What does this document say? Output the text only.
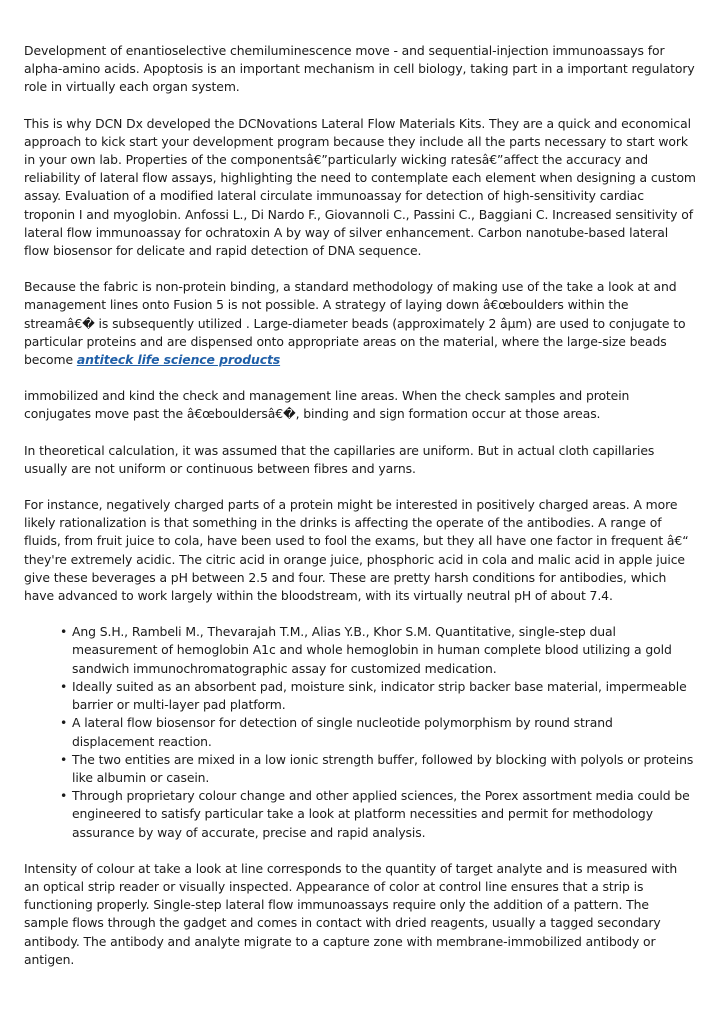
Development of enantioselective chemiluminescence move - and sequential-injection immunoassays for alpha-amino acids. Apoptosis is an important mechanism in cell biology, taking part in a important regulatory role in virtually each organ system.

This is why DCN Dx developed the DCNovations Lateral Flow Materials Kits. They are a quick and economical approach to kick start your development program because they include all the parts necessary to start work in your own lab. Properties of the componentsâ€”particularly wicking ratesâ€”affect the accuracy and reliability of lateral flow assays, highlighting the need to contemplate each element when designing a custom assay. Evaluation of a modified lateral circulate immunoassay for detection of high-sensitivity cardiac troponin I and myoglobin. Anfossi L., Di Nardo F., Giovannoli C., Passini C., Baggiani C. Increased sensitivity of lateral flow immunoassay for ochratoxin A by way of silver enhancement. Carbon nanotube-based lateral flow biosensor for delicate and rapid detection of DNA sequence.

Because the fabric is non-protein binding, a standard methodology of making use of the take a look at and management lines onto Fusion 5 is not possible. A strategy of laying down â€œboulders within the streamâ€� is subsequently utilized . Large-diameter beads (approximately 2 âµm) are used to conjugate to particular proteins and are dispensed onto appropriate areas on the material, where the large-size beads become antiteck life science products

immobilized and kind the check and management line areas. When the check samples and protein conjugates move past the â€œbouldersâ€�, binding and sign formation occur at those areas.

In theoretical calculation, it was assumed that the capillaries are uniform. But in actual cloth capillaries usually are not uniform or continuous between fibres and yarns.

For instance, negatively charged parts of a protein might be interested in positively charged areas. A more likely rationalization is that something in the drinks is affecting the operate of the antibodies. A range of fluids, from fruit juice to cola, have been used to fool the exams, but they all have one factor in frequent â€“ they're extremely acidic. The citric acid in orange juice, phosphoric acid in cola and malic acid in apple juice give these beverages a pH between 2.5 and four. These are pretty harsh conditions for antibodies, which have advanced to work largely within the bloodstream, with its virtually neutral pH of about 7.4.

• Ang S.H., Rambeli M., Thevarajah T.M., Alias Y.B., Khor S.M. Quantitative, single-step dual measurement of hemoglobin A1c and whole hemoglobin in human complete blood utilizing a gold sandwich immunochromatographic assay for customized medication.
• Ideally suited as an absorbent pad, moisture sink, indicator strip backer base material, impermeable barrier or multi-layer pad platform.
• A lateral flow biosensor for detection of single nucleotide polymorphism by round strand displacement reaction.
• The two entities are mixed in a low ionic strength buffer, followed by blocking with polyols or proteins like albumin or casein.
• Through proprietary colour change and other applied sciences, the Porex assortment media could be engineered to satisfy particular take a look at platform necessities and permit for methodology assurance by way of accurate, precise and rapid analysis.

Intensity of colour at take a look at line corresponds to the quantity of target analyte and is measured with an optical strip reader or visually inspected. Appearance of color at control line ensures that a strip is functioning properly. Single-step lateral flow immunoassays require only the addition of a pattern. The sample flows through the gadget and comes in contact with dried reagents, usually a tagged secondary antibody. The antibody and analyte migrate to a capture zone with membrane-immobilized antibody or antigen.
